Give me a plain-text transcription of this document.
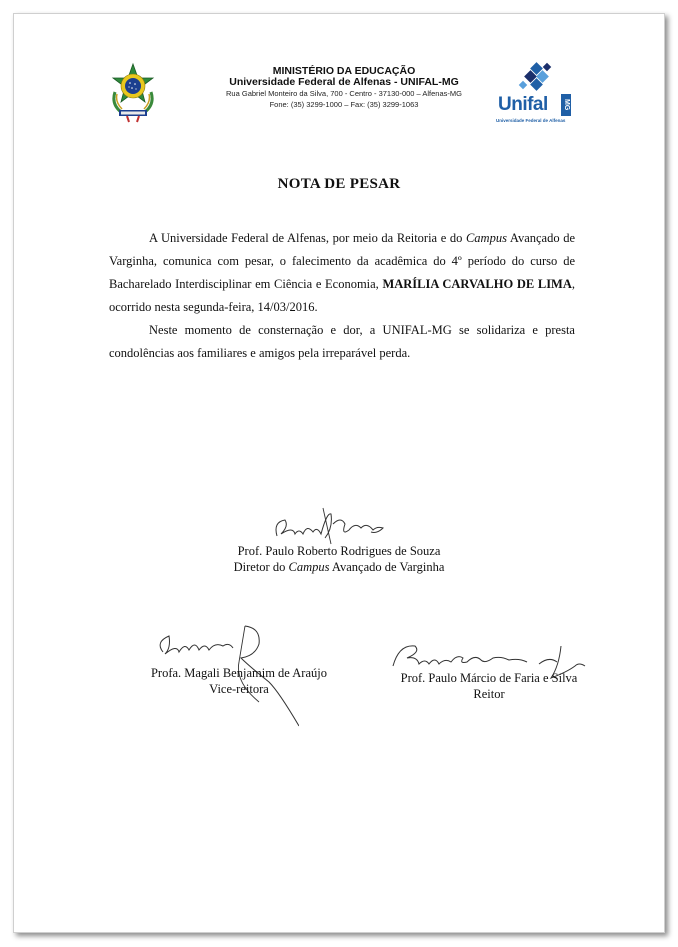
MINISTÉRIO DA EDUCAÇÃO
Universidade Federal de Alfenas - UNIFAL-MG
Rua Gabriel Monteiro da Silva, 700 - Centro - 37130-000 – Alfenas-MG
Fone: (35) 3299-1000 – Fax: (35) 3299-1063	Unifal MG
Universidade Federal de Alfenas
NOTA DE PESAR

A Universidade Federal de Alfenas, por meio da Reitoria e do Campus Avançado de Varginha, comunica com pesar, o falecimento da acadêmica do 4º período do curso de Bacharelado Interdisciplinar em Ciência e Economia, MARÍLIA CARVALHO DE LIMA, ocorrido nesta segunda-feira, 14/03/2016.

Neste momento de consternação e dor, a UNIFAL-MG se solidariza e presta condolências aos familiares e amigos pela irreparável perda.

Prof. Paulo Roberto Rodrigues de Souza
Diretor do Campus Avançado de Varginha
Profa. Magali Benjamim de Araújo
Vice-reitora
Prof. Paulo Márcio de Faria e Silva
Reitor
